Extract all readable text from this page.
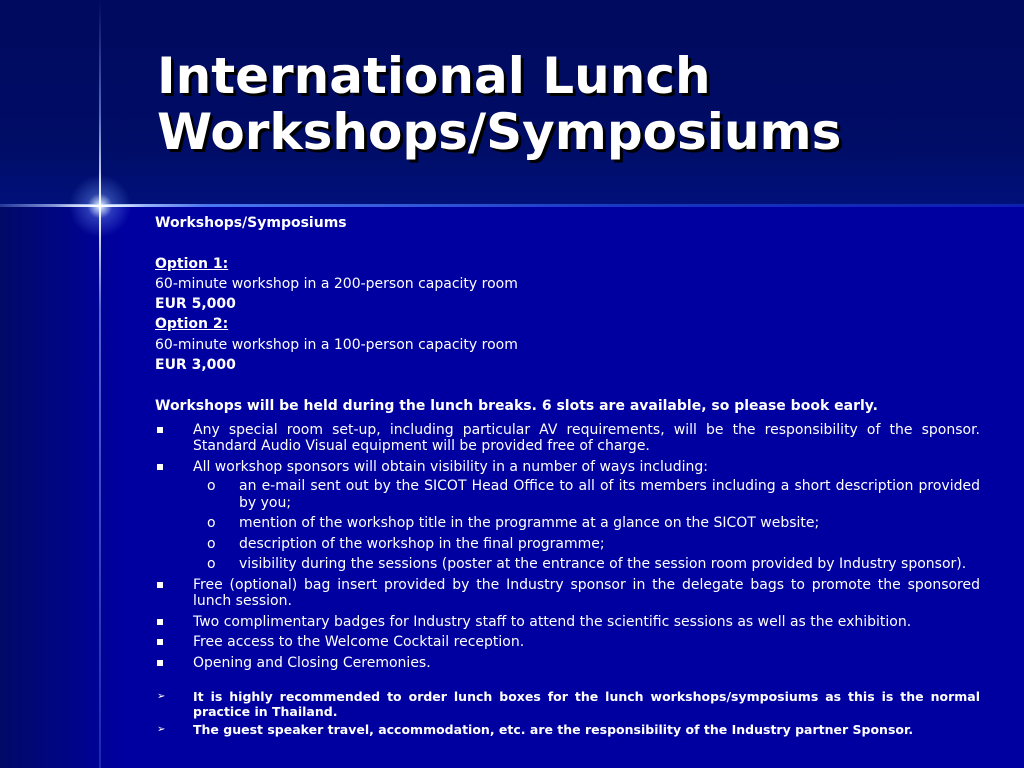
International Lunch Workshops/Symposiums

Workshops/Symposiums

Option 1:

60-minute workshop in a 200-person capacity room

EUR 5,000

Option 2:

60-minute workshop in a 100-person capacity room

EUR 3,000

Workshops will be held during the lunch breaks. 6 slots are available, so please book early.

Any special room set-up, including particular AV requirements, will be the responsibility of the sponsor. Standard Audio Visual equipment will be provided free of charge.
All workshop sponsors will obtain visibility in a number of ways including:
o an e-mail sent out by the SICOT Head Office to all of its members including a short description provided by you;
o mention of the workshop title in the programme at a glance on the SICOT website;
o description of the workshop in the final programme;
o visibility during the sessions (poster at the entrance of the session room provided by Industry sponsor).
Free (optional) bag insert provided by the Industry sponsor in the delegate bags to promote the sponsored lunch session.
Two complimentary badges for Industry staff to attend the scientific sessions as well as the exhibition.
Free access to the Welcome Cocktail reception.
Opening and Closing Ceremonies.
➢ It is highly recommended to order lunch boxes for the lunch workshops/symposiums as this is the normal practice in Thailand.
➢ The guest speaker travel, accommodation, etc. are the responsibility of the Industry partner Sponsor.
